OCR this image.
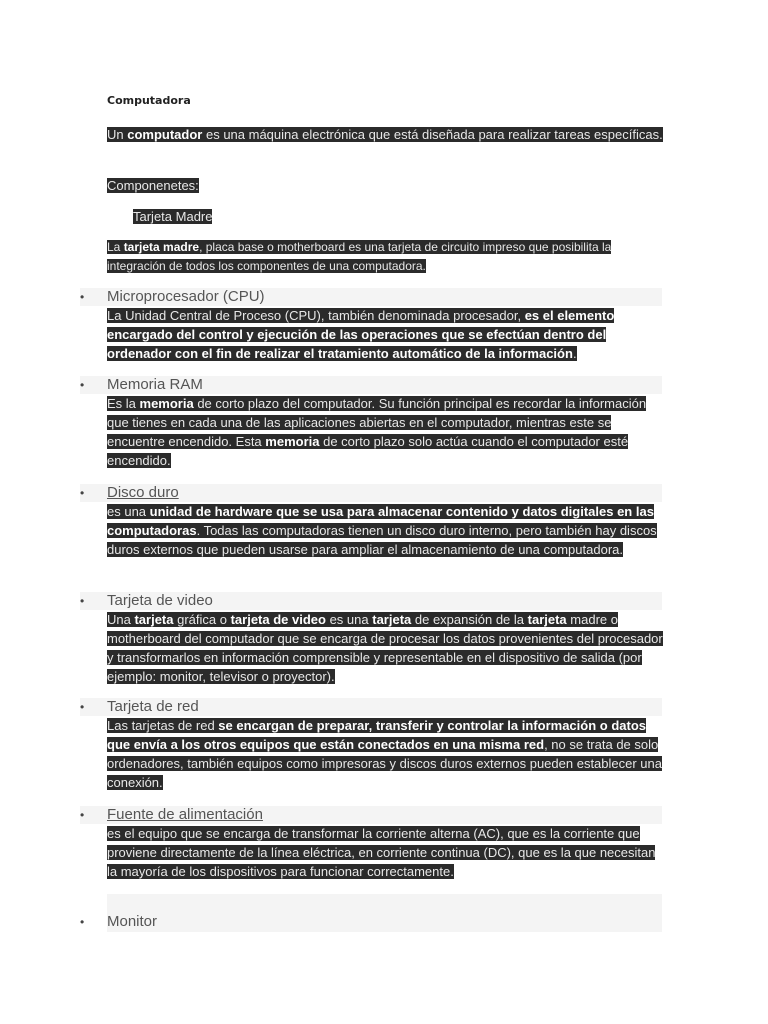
Computadora
Un computador es una máquina electrónica que está diseñada para realizar tareas específicas.
Componenetes:
Tarjeta Madre
La tarjeta madre, placa base o motherboard es una tarjeta de circuito impreso que posibilita la integración de todos los componentes de una computadora.
•
Microprocesador (CPU)
La Unidad Central de Proceso (CPU), también denominada procesador, es el elemento encargado del control y ejecución de las operaciones que se efectúan dentro del ordenador con el fin de realizar el tratamiento automático de la información.
•
Memoria RAM
Es la memoria de corto plazo del computador. Su función principal es recordar la información que tienes en cada una de las aplicaciones abiertas en el computador, mientras este se encuentre encendido. Esta memoria de corto plazo solo actúa cuando el computador esté encendido.
•
Disco duro
es una unidad de hardware que se usa para almacenar contenido y datos digitales en las computadoras. Todas las computadoras tienen un disco duro interno, pero también hay discos duros externos que pueden usarse para ampliar el almacenamiento de una computadora.
•
Tarjeta de video
Una tarjeta gráfica o tarjeta de video es una tarjeta de expansión de la tarjeta madre o motherboard del computador que se encarga de procesar los datos provenientes del procesador y transformarlos en información comprensible y representable en el dispositivo de salida (por ejemplo: monitor, televisor o proyector).
•
Tarjeta de red
Las tarjetas de red se encargan de preparar, transferir y controlar la información o datos que envía a los otros equipos que están conectados en una misma red, no se trata de solo ordenadores, también equipos como impresoras y discos duros externos pueden establecer una conexión.
•
Fuente de alimentación
es el equipo que se encarga de transformar la corriente alterna (AC), que es la corriente que proviene directamente de la línea eléctrica, en corriente continua (DC), que es la que necesitan la mayoría de los dispositivos para funcionar correctamente.
•
Monitor
